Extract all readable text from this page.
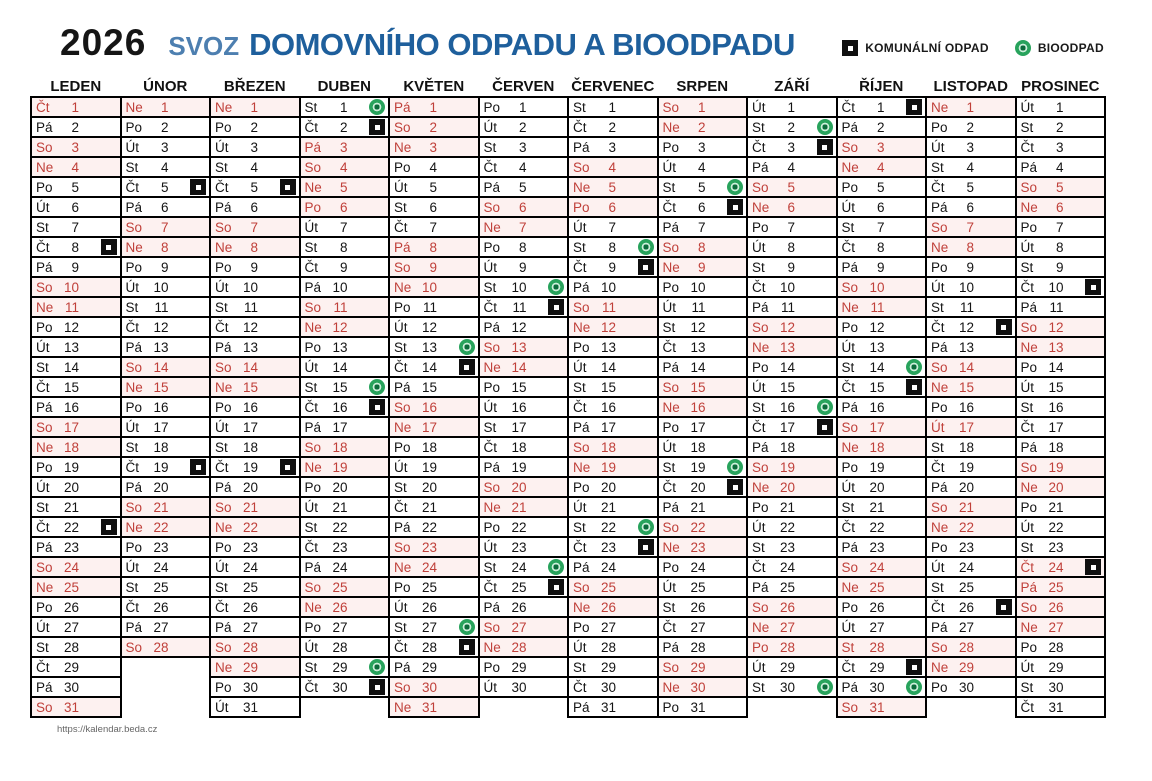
2026 SVOZ DOMOVNÍHO ODPADU A BIOODPADU	KOMUNÁLNÍ ODPAD	BIOODPAD
LEDEN
Čt	1
Pá	2
So	3
Ne	4
Po	5
Út	6
St	7
Čt	8
Pá	9
So 10
Ne 11
Po 12
Út	13
St	14
Čt	15
Pá 16
So 17
Ne 18
Po 19
Út	20
St	21
Čt	22
Pá 23
So 24
Ne 25
Po 26
Út	27
St	28
Čt	29
Pá 30
So 31
ÚNOR
Ne	1
Po	2
Út	3
St	4
Čt	5
Pá	6
So	7
Ne	8
Po	9
Út	10
St	11
Čt	12
Pá 13
So 14
Ne 15
Po 16
Út	17
St	18
Čt	19
Pá 20
So 21
Ne 22
Po 23
Út	24
St	25
Čt	26
Pá 27
So 28
BŘEZEN
Ne	1
Po	2
Út	3
St	4
Čt	5
Pá	6
So	7
Ne	8
Po	9
Út	10
St	11
Čt	12
Pá 13
So 14
Ne 15
Po 16
Út	17
St	18
Čt	19
Pá 20
So 21
Ne 22
Po 23
Út	24
St	25
Čt	26
Pá 27
So 28
Ne 29
Po 30
Út	31
DUBEN
St	1
Čt	2
Pá	3
So	4
Ne	5
Po	6
Út	7
St	8
Čt	9
Pá 10
So 11
Ne 12
Po 13
Út	14
St	15
Čt	16
Pá 17
So 18
Ne 19
Po 20
Út	21
St	22
Čt	23
Pá 24
So 25
Ne 26
Po 27
Út	28
St	29
Čt	30
KVĚTEN
Pá	1
So	2
Ne	3
Po	4
Út	5
St	6
Čt	7
Pá	8
So	9
Ne 10
Po 11
Út	12
St	13
Čt	14
Pá 15
So 16
Ne 17
Po 18
Út	19
St	20
Čt	21
Pá 22
So 23
Ne 24
Po 25
Út	26
St	27
Čt	28
Pá 29
So 30
Ne 31
ČERVEN
Po	1
Út	2
St	3
Čt	4
Pá	5
So	6
Ne	7
Po	8
Út	9
St	10
Čt	11
Pá 12
So 13
Ne 14
Po 15
Út	16
St	17
Čt	18
Pá 19
So 20
Ne 21
Po 22
Út	23
St	24
Čt	25
Pá 26
So 27
Ne 28
Po 29
Út	30
ČERVENEC
St	1
Čt	2
Pá	3
So	4
Ne	5
Po	6
Út	7
St	8
Čt	9
Pá 10
So 11
Ne 12
Po 13
Út	14
St	15
Čt	16
Pá 17
So 18
Ne 19
Po 20
Út	21
St	22
Čt	23
Pá 24
So 25
Ne 26
Po 27
Út	28
St	29
Čt	30
Pá 31
SRPEN
So	1
Ne	2
Po	3
Út	4
St	5
Čt	6
Pá	7
So	8
Ne	9
Po 10
Út	11
St	12
Čt	13
Pá 14
So 15
Ne 16
Po 17
Út	18
St	19
Čt	20
Pá 21
So 22
Ne 23
Po 24
Út	25
St	26
Čt	27
Pá 28
So 29
Ne 30
Po 31
ZÁŘÍ
Út	1
St	2
Čt	3
Pá	4
So	5
Ne	6
Po	7
Út	8
St	9
Čt	10
Pá 11
So 12
Ne 13
Po 14
Út	15
St	16
Čt	17
Pá 18
So 19
Ne 20
Po 21
Út	22
St	23
Čt	24
Pá 25
So 26
Ne 27
Po 28
Út	29
St	30
ŘÍJEN
Čt	1
Pá	2
So	3
Ne	4
Po	5
Út	6
St	7
Čt	8
Pá	9
So 10
Ne 11
Po 12
Út	13
St	14
Čt	15
Pá 16
So 17
Ne 18
Po 19
Út	20
St	21
Čt	22
Pá 23
So 24
Ne 25
Po 26
Út	27
St	28
Čt	29
Pá 30
So 31
LISTOPAD
Ne	1
Po	2
Út	3
St	4
Čt	5
Pá	6
So	7
Ne	8
Po	9
Út	10
St	11
Čt	12
Pá 13
So 14
Ne 15
Po 16
Út	17
St	18
Čt	19
Pá 20
So 21
Ne 22
Po 23
Út	24
St	25
Čt	26
Pá 27
So 28
Ne 29
Po 30
PROSINEC
Út	1
St	2
Čt	3
Pá	4
So	5
Ne	6
Po	7
Út	8
St	9
Čt	10
Pá 11
So 12
Ne 13
Po 14
Út	15
St	16
Čt	17
Pá 18
So 19
Ne 20
Po 21
Út	22
St	23
Čt	24
Pá 25
So 26
Ne 27
Po 28
Út	29
St	30
Čt	31
https://kalendar.beda.cz
